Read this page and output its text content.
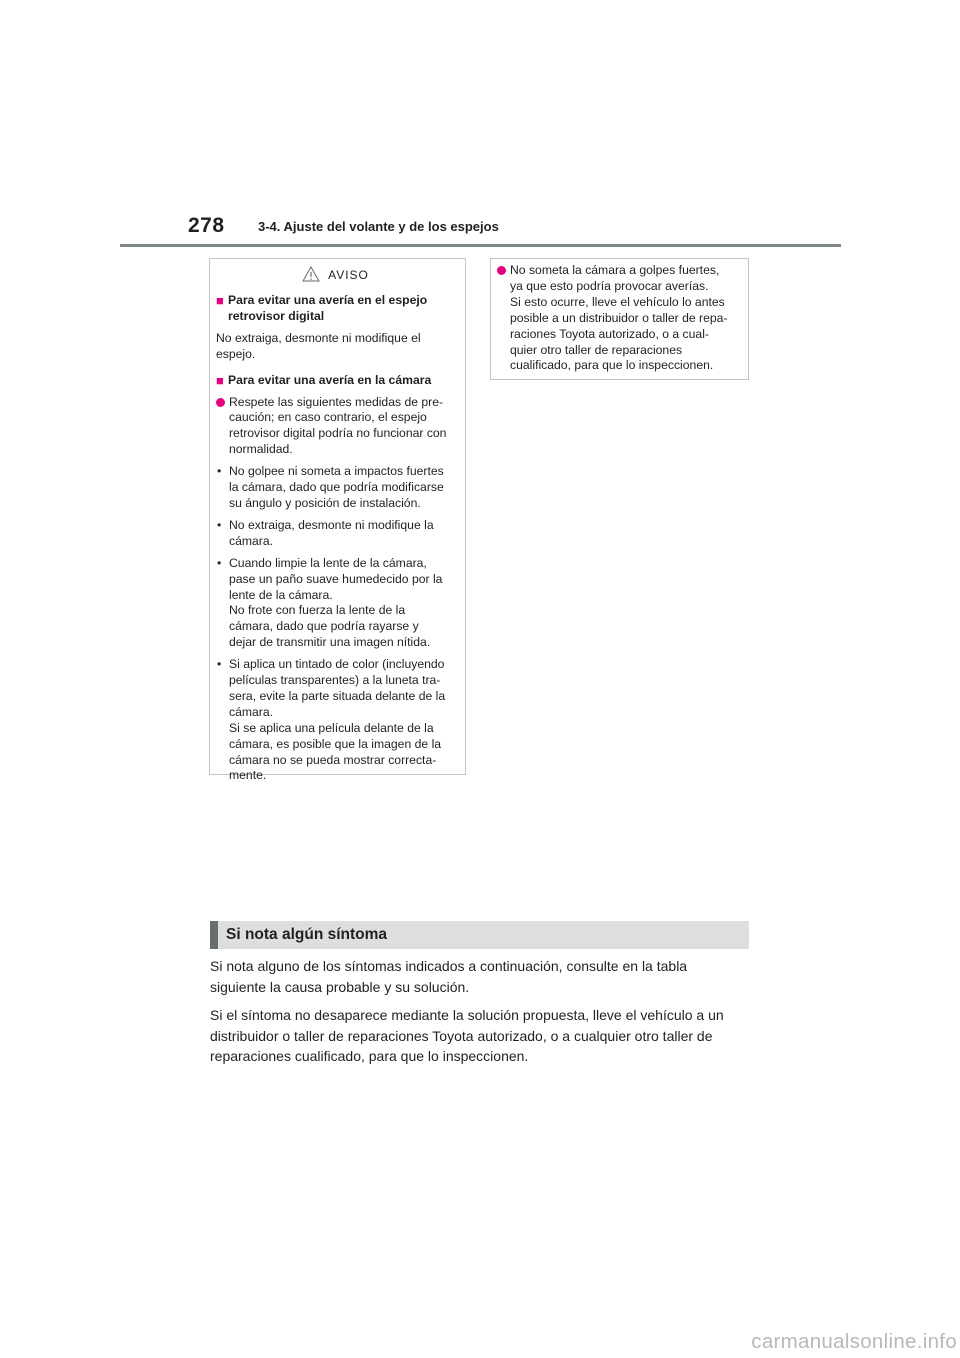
278	3-4. Ajuste del volante y de los espejos
AVISO
■ Para evitar una avería en el espejo
retrovisor digital
No extraiga, desmonte ni modifique el
espejo.
■ Para evitar una avería en la cámara
Respete las siguientes medidas de pre-
caución; en caso contrario, el espejo
retrovisor digital podría no funcionar con
normalidad.
• No golpee ni someta a impactos fuertes
la cámara, dado que podría modificarse
su ángulo y posición de instalación.
• No extraiga, desmonte ni modifique la
cámara.
• Cuando limpie la lente de la cámara,
pase un paño suave humedecido por la
lente de la cámara.
No frote con fuerza la lente de la
cámara, dado que podría rayarse y
dejar de transmitir una imagen nítida.
• Si aplica un tintado de color (incluyendo
películas transparentes) a la luneta tra-
sera, evite la parte situada delante de la
cámara.
Si se aplica una película delante de la
cámara, es posible que la imagen de la
cámara no se pueda mostrar correcta-
mente.
No someta la cámara a golpes fuertes,
ya que esto podría provocar averías.
Si esto ocurre, lleve el vehículo lo antes
posible a un distribuidor o taller de repa-
raciones Toyota autorizado, o a cual-
quier otro taller de reparaciones
cualificado, para que lo inspeccionen.
Si nota algún síntoma

Si nota alguno de los síntomas indicados a continuación, consulte en la tabla
siguiente la causa probable y su solución.

Si el síntoma no desaparece mediante la solución propuesta, lleve el vehículo a un
distribuidor o taller de reparaciones Toyota autorizado, o a cualquier otro taller de
reparaciones cualificado, para que lo inspeccionen.

carmanualsonline.info
